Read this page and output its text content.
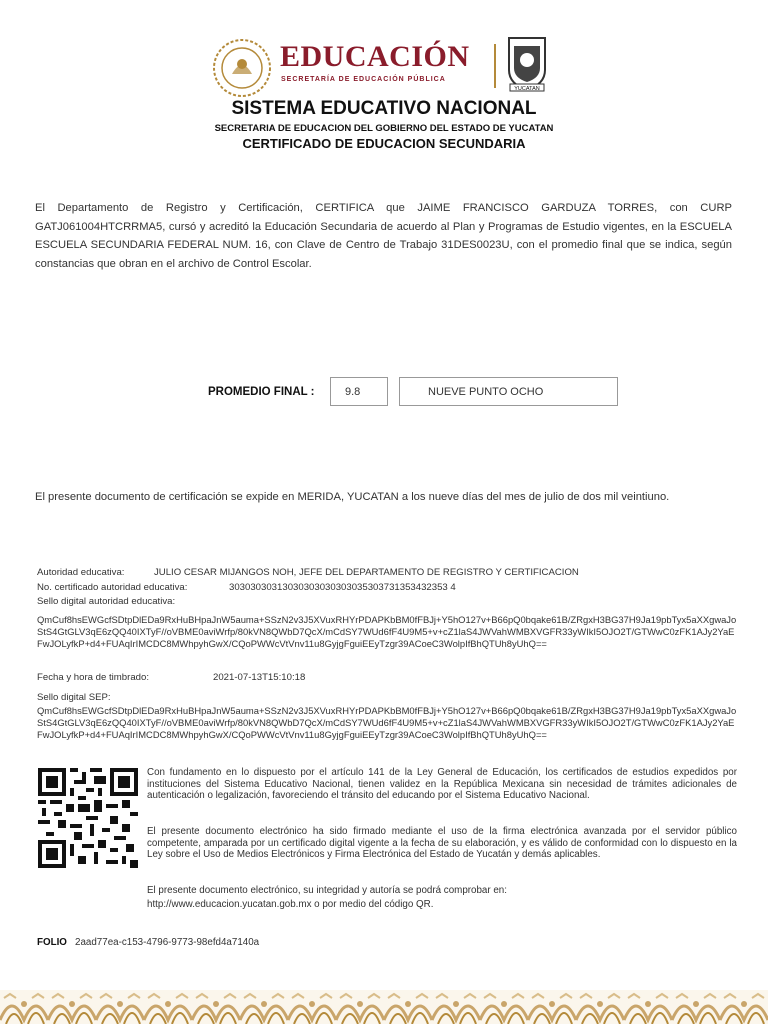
EDUCACIÓN
SECRETARÍA DE EDUCACIÓN PÚBLICA
YUCATAN
SISTEMA EDUCATIVO NACIONAL
SECRETARIA DE EDUCACION DEL GOBIERNO DEL ESTADO DE YUCATAN
CERTIFICADO DE EDUCACION SECUNDARIA
El Departamento de Registro y Certificación, CERTIFICA que JAIME FRANCISCO GARDUZA TORRES, con CURP GATJ061004HTCRRMA5, cursó y acreditó la Educación Secundaria de acuerdo al Plan y Programas de Estudio vigentes, en la ESCUELA ESCUELA SECUNDARIA FEDERAL NUM. 16, con Clave de Centro de Trabajo 31DES0023U, con el promedio final que se indica, según constancias que obran en el archivo de Control Escolar.
PROMEDIO FINAL :	9.8	NUEVE PUNTO OCHO
El presente documento de certificación se expide en MERIDA, YUCATAN a los nueve días del mes de julio de dos mil veintiuno.
Autoridad educativa:	JULIO CESAR MIJANGOS NOH, JEFE DEL DEPARTAMENTO DE REGISTRO Y CERTIFICACION
No. certificado autoridad educativa:	30303030313030303030303035303731353432353 4
Sello digital autoridad educativa:
QmCuf8hsEWGcfSDtpDlEDa9RxHuBHpaJnW5auma+SSzN2v3J5XVuxRHYrPDAPKbBM0fFBJj+Y5hO127v+B66pQ0bqake61B/ZRgxH3BG37H9Ja19pbTyx5aXXgwaJoStS4GtGLV3qE6zQQ40IXTyF//oVBME0aviWrfp/80kVN8QWbD7QcX/mCdSY7WUd6fF4U9M5+v+cZ1laS4JWVahWMBXVGFR33yWIkI5OJO2T/GTWwC0zFK1AJy2YaEFwJOLyfkP+d4+FUAqIrIMCDC8MWhpyhGwX/CQoPWWcVtVnv11u8GyjgFguiEEyTzgr39ACoeC3WolpIfBhQTUh8yUhQ==
Fecha y hora de timbrado:	2021-07-13T15:10:18
Sello digital SEP:
QmCuf8hsEWGcfSDtpDlEDa9RxHuBHpaJnW5auma+SSzN2v3J5XVuxRHYrPDAPKbBM0fFBJj+Y5hO127v+B66pQ0bqake61B/ZRgxH3BG37H9Ja19pbTyx5aXXgwaJoStS4GtGLV3qE6zQQ40IXTyF//oVBME0aviWrfp/80kVN8QWbD7QcX/mCdSY7WUd6fF4U9M5+v+cZ1laS4JWVahWMBXVGFR33yWIkI5OJO2T/GTWwC0zFK1AJy2YaEFwJOLyfkP+d4+FUAqIrIMCDC8MWhpyhGwX/CQoPWWcVtVnv11u8GyjgFguiEEyTzgr39ACoeC3WolpIfBhQTUh8yUhQ==
Con fundamento en lo dispuesto por el artículo 141 de la Ley General de Educación, los certificados de estudios expedidos por instituciones del Sistema Educativo Nacional, tienen validez en la República Mexicana sin necesidad de trámites adicionales de autenticación o legalización, favoreciendo el tránsito del educando por el Sistema Educativo Nacional.
El presente documento electrónico ha sido firmado mediante el uso de la firma electrónica avanzada por el servidor público competente, amparada por un certificado digital vigente a la fecha de su elaboración, y es válido de conformidad con lo dispuesto en la Ley sobre el Uso de Medios Electrónicos y Firma Electrónica del Estado de Yucatán y demás aplicables.
El presente documento electrónico, su integridad y autoría se podrá comprobar en:
http://www.educacion.yucatan.gob.mx o por medio del código QR.
FOLIO 2aad77ea-c153-4796-9773-98efd4a7140a
